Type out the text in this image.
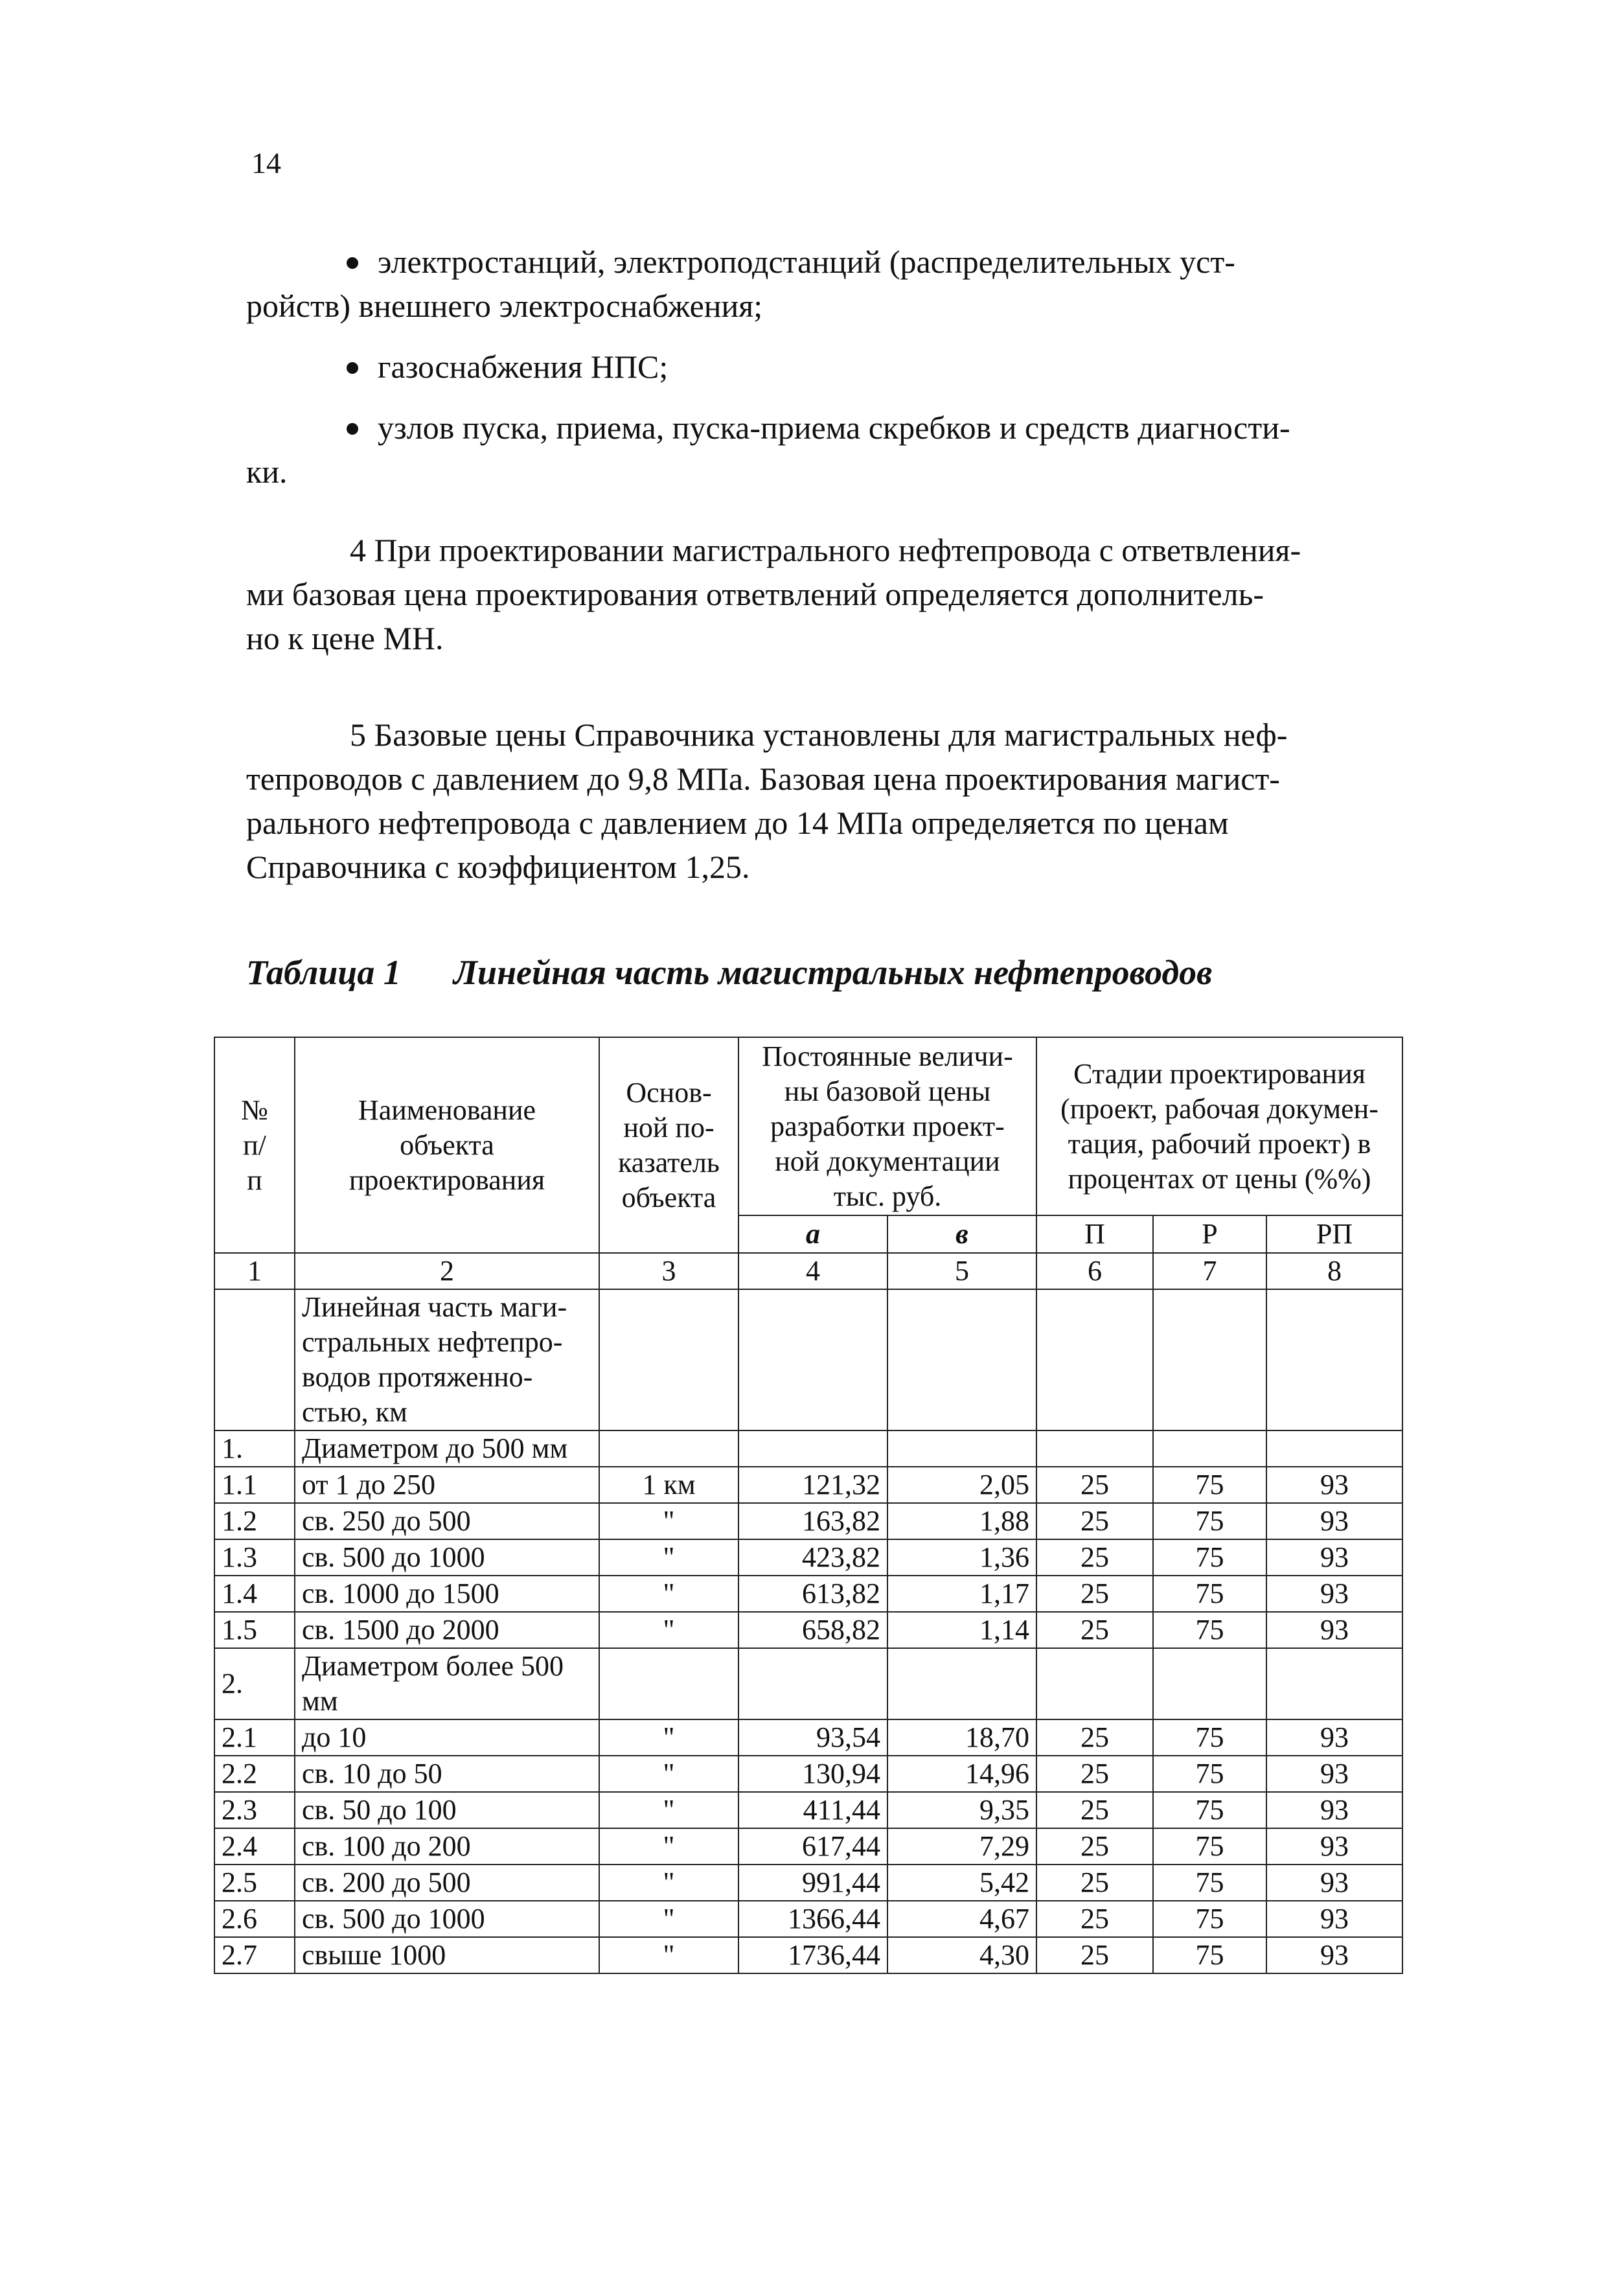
14
электростанций, электроподстанций (распределительных уст-
ройств) внешнего электроснабжения;
газоснабжения НПС;
узлов пуска, приема, пуска-приема скребков и средств диагности-
ки.
4 При проектировании магистрального нефтепровода с ответвления-
ми базовая цена проектирования ответвлений определяется дополнитель-
но к цене МН.
5 Базовые цены Справочника установлены для магистральных неф-
тепроводов с давлением до 9,8 МПа. Базовая цена проектирования магист-
рального нефтепровода с давлением до 14 МПа определяется по ценам
Справочника с коэффициентом 1,25.
Таблица 1 Линейная часть магистральных нефтепроводов
№ п/п	Наименование объекта проектирования	Основ-ной по-казатель объекта	Постоянные величи-ны базовой цены разработки проект-ной документации тыс. руб.		Стадии проектирования (проект, рабочая докумен-тация, рабочий проект) в процентах от цены (%%)		
			а	в	П	Р	РП
1	2	3	4	5	6	7	8
	Линейная часть маги-стральных нефтепро-водов протяженно-стью, км						
1.	Диаметром до 500 мм						
1.1	от 1 до 250	1 км	121,32	2,05	25	75	93
1.2	св. 250 до 500	"	163,82	1,88	25	75	93
1.3	св. 500 до 1000	"	423,82	1,36	25	75	93
1.4	св. 1000 до 1500	"	613,82	1,17	25	75	93
1.5	св. 1500 до 2000	"	658,82	1,14	25	75	93
2.	Диаметром более 500 мм						
2.1	до 10	"	93,54	18,70	25	75	93
2.2	св. 10 до 50	"	130,94	14,96	25	75	93
2.3	св. 50 до 100	"	411,44	9,35	25	75	93
2.4	св. 100 до 200	"	617,44	7,29	25	75	93
2.5	св. 200 до 500	"	991,44	5,42	25	75	93
2.6	св. 500 до 1000	"	1366,44	4,67	25	75	93
2.7	свыше 1000	"	1736,44	4,30	25	75	93
